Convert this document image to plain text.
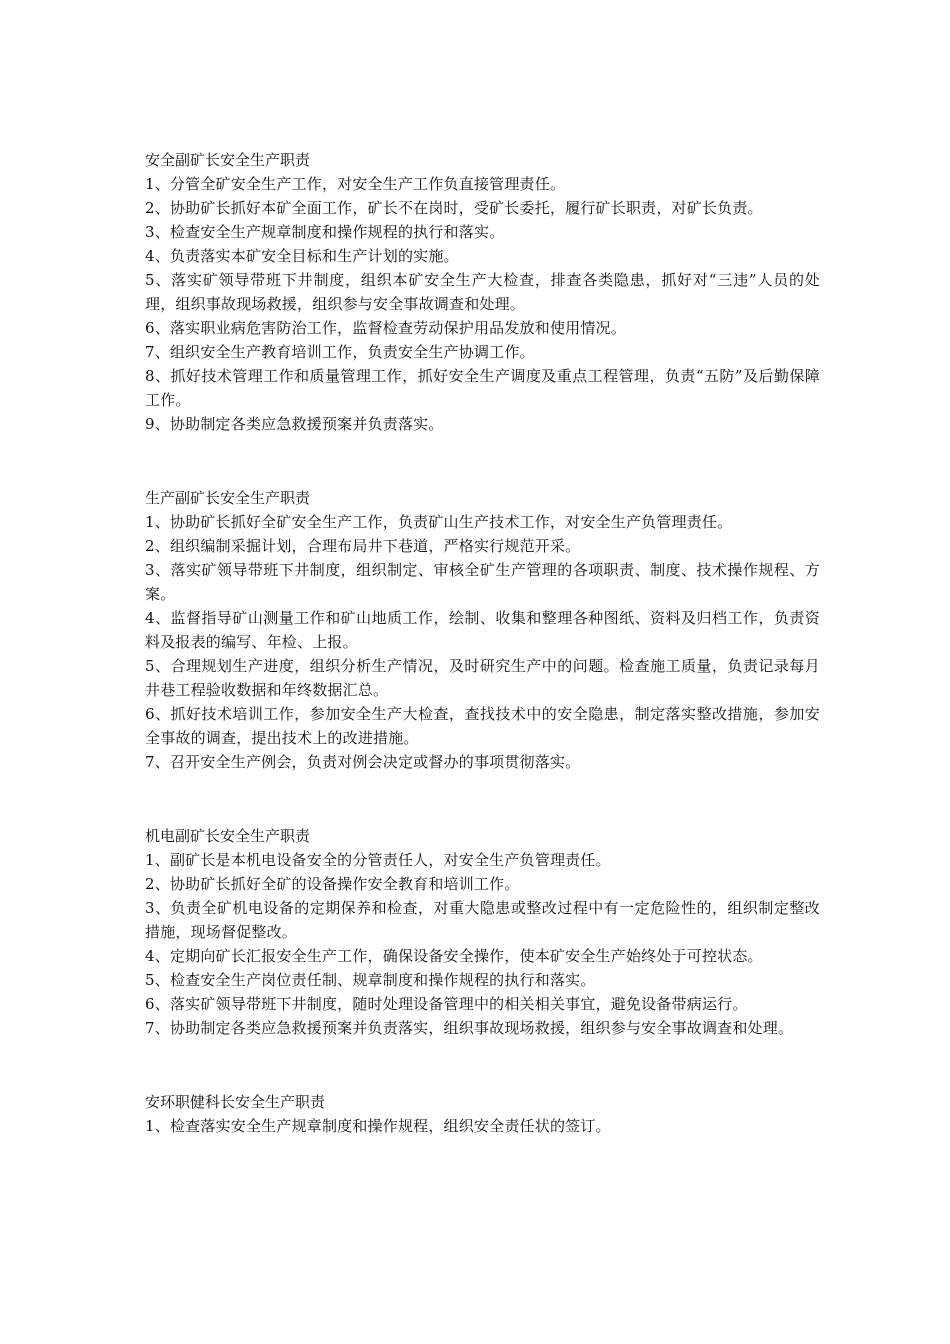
安全副矿长安全生产职责

1、分管全矿安全生产工作，对安全生产工作负直接管理责任。

2、协助矿长抓好本矿全面工作，矿长不在岗时，受矿长委托，履行矿长职责，对矿长负责。

3、检查安全生产规章制度和操作规程的执行和落实。

4、负责落实本矿安全目标和生产计划的实施。

5、落实矿领导带班下井制度，组织本矿安全生产大检查，排查各类隐患，抓好对“三违”人员的处理，组织事故现场救援，组织参与安全事故调查和处理。

6、落实职业病危害防治工作，监督检查劳动保护用品发放和使用情况。

7、组织安全生产教育培训工作，负责安全生产协调工作。

8、抓好技术管理工作和质量管理工作，抓好安全生产调度及重点工程管理，负责“五防”及后勤保障工作。

9、协助制定各类应急救援预案并负责落实。

生产副矿长安全生产职责

1、协助矿长抓好全矿安全生产工作，负责矿山生产技术工作，对安全生产负管理责任。

2、组织编制采掘计划，合理布局井下巷道，严格实行规范开采。

3、落实矿领导带班下井制度，组织制定、审核全矿生产管理的各项职责、制度、技术操作规程、方案。

4、监督指导矿山测量工作和矿山地质工作，绘制、收集和整理各种图纸、资料及归档工作，负责资料及报表的编写、年检、上报。

5、合理规划生产进度，组织分析生产情况，及时研究生产中的问题。检查施工质量，负责记录每月井巷工程验收数据和年终数据汇总。

6、抓好技术培训工作，参加安全生产大检查，查找技术中的安全隐患，制定落实整改措施，参加安全事故的调查，提出技术上的改进措施。

7、召开安全生产例会，负责对例会决定或督办的事项贯彻落实。

机电副矿长安全生产职责

1、副矿长是本机电设备安全的分管责任人，对安全生产负管理责任。

2、协助矿长抓好全矿的设备操作安全教育和培训工作。

3、负责全矿机电设备的定期保养和检查，对重大隐患或整改过程中有一定危险性的，组织制定整改措施，现场督促整改。

4、定期向矿长汇报安全生产工作，确保设备安全操作，使本矿安全生产始终处于可控状态。

5、检查安全生产岗位责任制、规章制度和操作规程的执行和落实。

6、落实矿领导带班下井制度，随时处理设备管理中的相关相关事宜，避免设备带病运行。

7、协助制定各类应急救援预案并负责落实，组织事故现场救援，组织参与安全事故调查和处理。

安环职健科长安全生产职责

1、检查落实安全生产规章制度和操作规程，组织安全责任状的签订。
